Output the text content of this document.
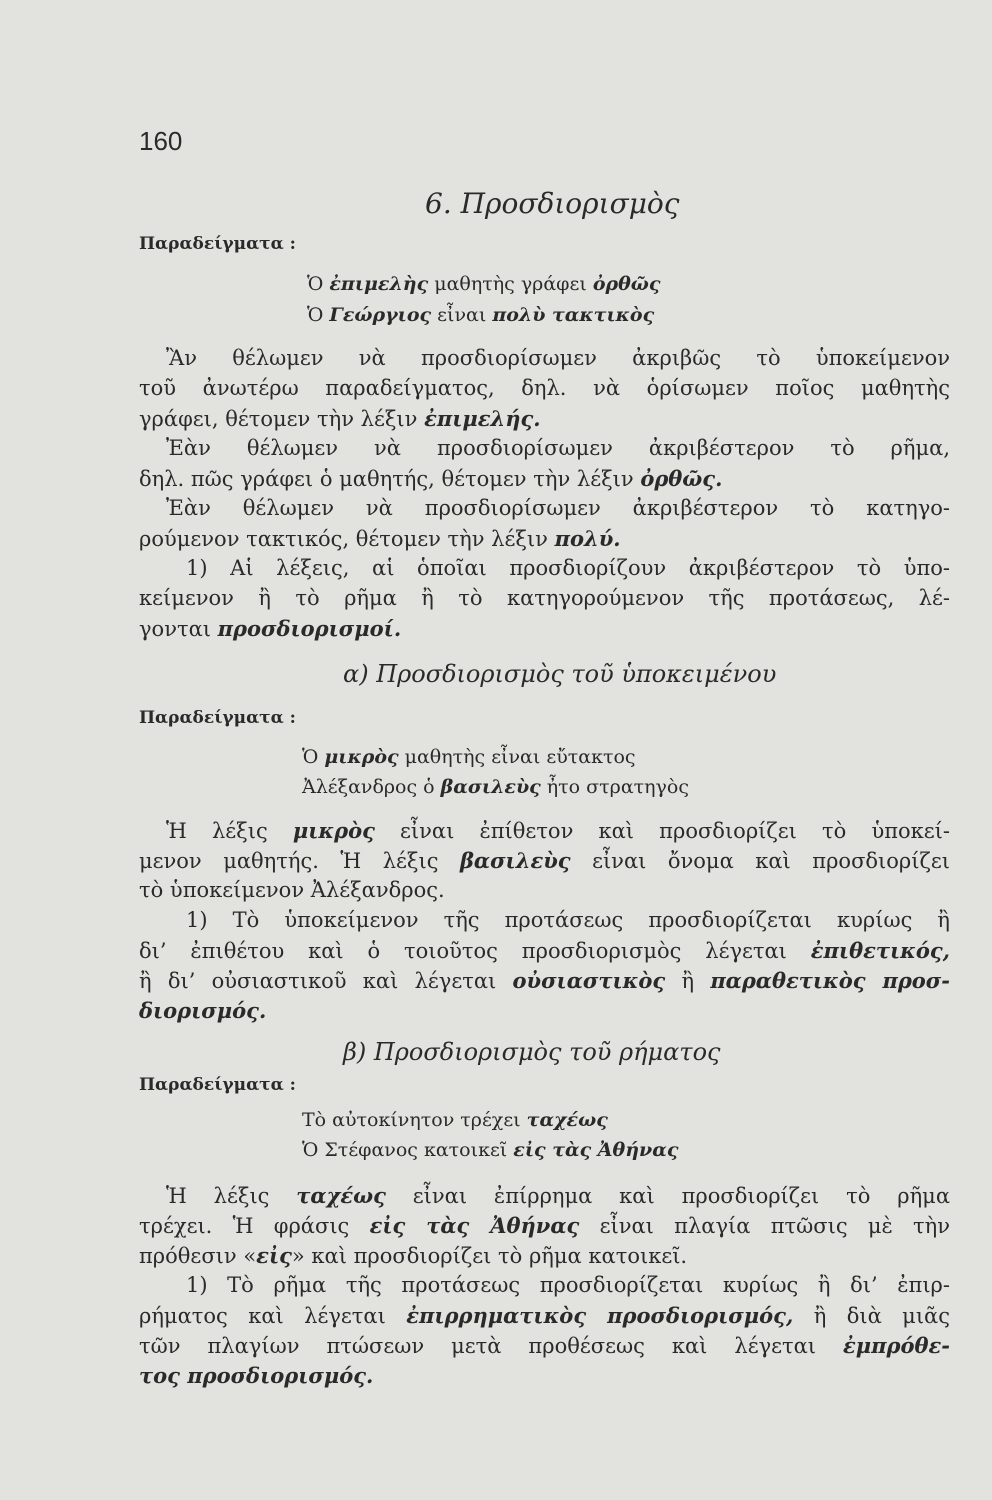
160
6. Προσδιορισμὸς
Παραδείγματα :
Ὁ ἐπιμελὴς μαθητὴς γράφει ὀρθῶς
Ὁ Γεώργιος εἶναι πολὺ τακτικὸς
Ἂν θέλωμεν νὰ προσδιορίσωμεν ἀκριβῶς τὸ ὑποκείμενον
τοῦ ἀνωτέρω παραδείγματος, δηλ. νὰ ὁρίσωμεν ποῖος μαθητὴς
γράφει, θέτομεν τὴν λέξιν ἐπιμελής.
Ἐὰν θέλωμεν νὰ προσδιορίσωμεν ἀκριβέστερον τὸ ρῆμα,
δηλ. πῶς γράφει ὁ μαθητής, θέτομεν τὴν λέξιν ὀρθῶς.
Ἐὰν θέλωμεν νὰ προσδιορίσωμεν ἀκριβέστερον τὸ κατηγο-
ρούμενον τακτικός, θέτομεν τὴν λέξιν πολύ.
1) Αἱ λέξεις, αἱ ὁποῖαι προσδιορίζουν ἀκριβέστερον τὸ ὑπο-
κείμενον ἢ τὸ ρῆμα ἢ τὸ κατηγορούμενον τῆς προτάσεως, λέ-
γονται προσδιορισμοί.
α) Προσδιορισμὸς τοῦ ὑποκειμένου
Παραδείγματα :
Ὁ μικρὸς μαθητὴς εἶναι εὔτακτος
Ἀλέξανδρος ὁ βασιλεὺς ἦτο στρατηγὸς
Ἡ λέξις μικρὸς εἶναι ἐπίθετον καὶ προσδιορίζει τὸ ὑποκεί-
μενον μαθητής. Ἡ λέξις βασιλεὺς εἶναι ὄνομα καὶ προσδιορίζει
τὸ ὑποκείμενον Ἀλέξανδρος.
1) Τὸ ὑποκείμενον τῆς προτάσεως προσδιορίζεται κυρίως ἢ
δι’ ἐπιθέτου καὶ ὁ τοιοῦτος προσδιορισμὸς λέγεται ἐπιθετικός,
ἢ δι’ οὐσιαστικοῦ καὶ λέγεται οὐσιαστικὸς ἢ παραθετικὸς προσ-
διορισμός.
β) Προσδιορισμὸς τοῦ ρήματος
Παραδείγματα :
Τὸ αὐτοκίνητον τρέχει ταχέως
Ὁ Στέφανος κατοικεῖ εἰς τὰς Ἀθήνας
Ἡ λέξις ταχέως εἶναι ἐπίρρημα καὶ προσδιορίζει τὸ ρῆμα
τρέχει. Ἡ φράσις εἰς τὰς Ἀθήνας εἶναι πλαγία πτῶσις μὲ τὴν
πρόθεσιν «εἰς» καὶ προσδιορίζει τὸ ρῆμα κατοικεῖ.
1) Τὸ ρῆμα τῆς προτάσεως προσδιορίζεται κυρίως ἢ δι’ ἐπιρ-
ρήματος καὶ λέγεται ἐπιρρηματικὸς προσδιορισμός, ἢ διὰ μιᾶς
τῶν πλαγίων πτώσεων μετὰ προθέσεως καὶ λέγεται ἐμπρόθε-
τος προσδιορισμός.
